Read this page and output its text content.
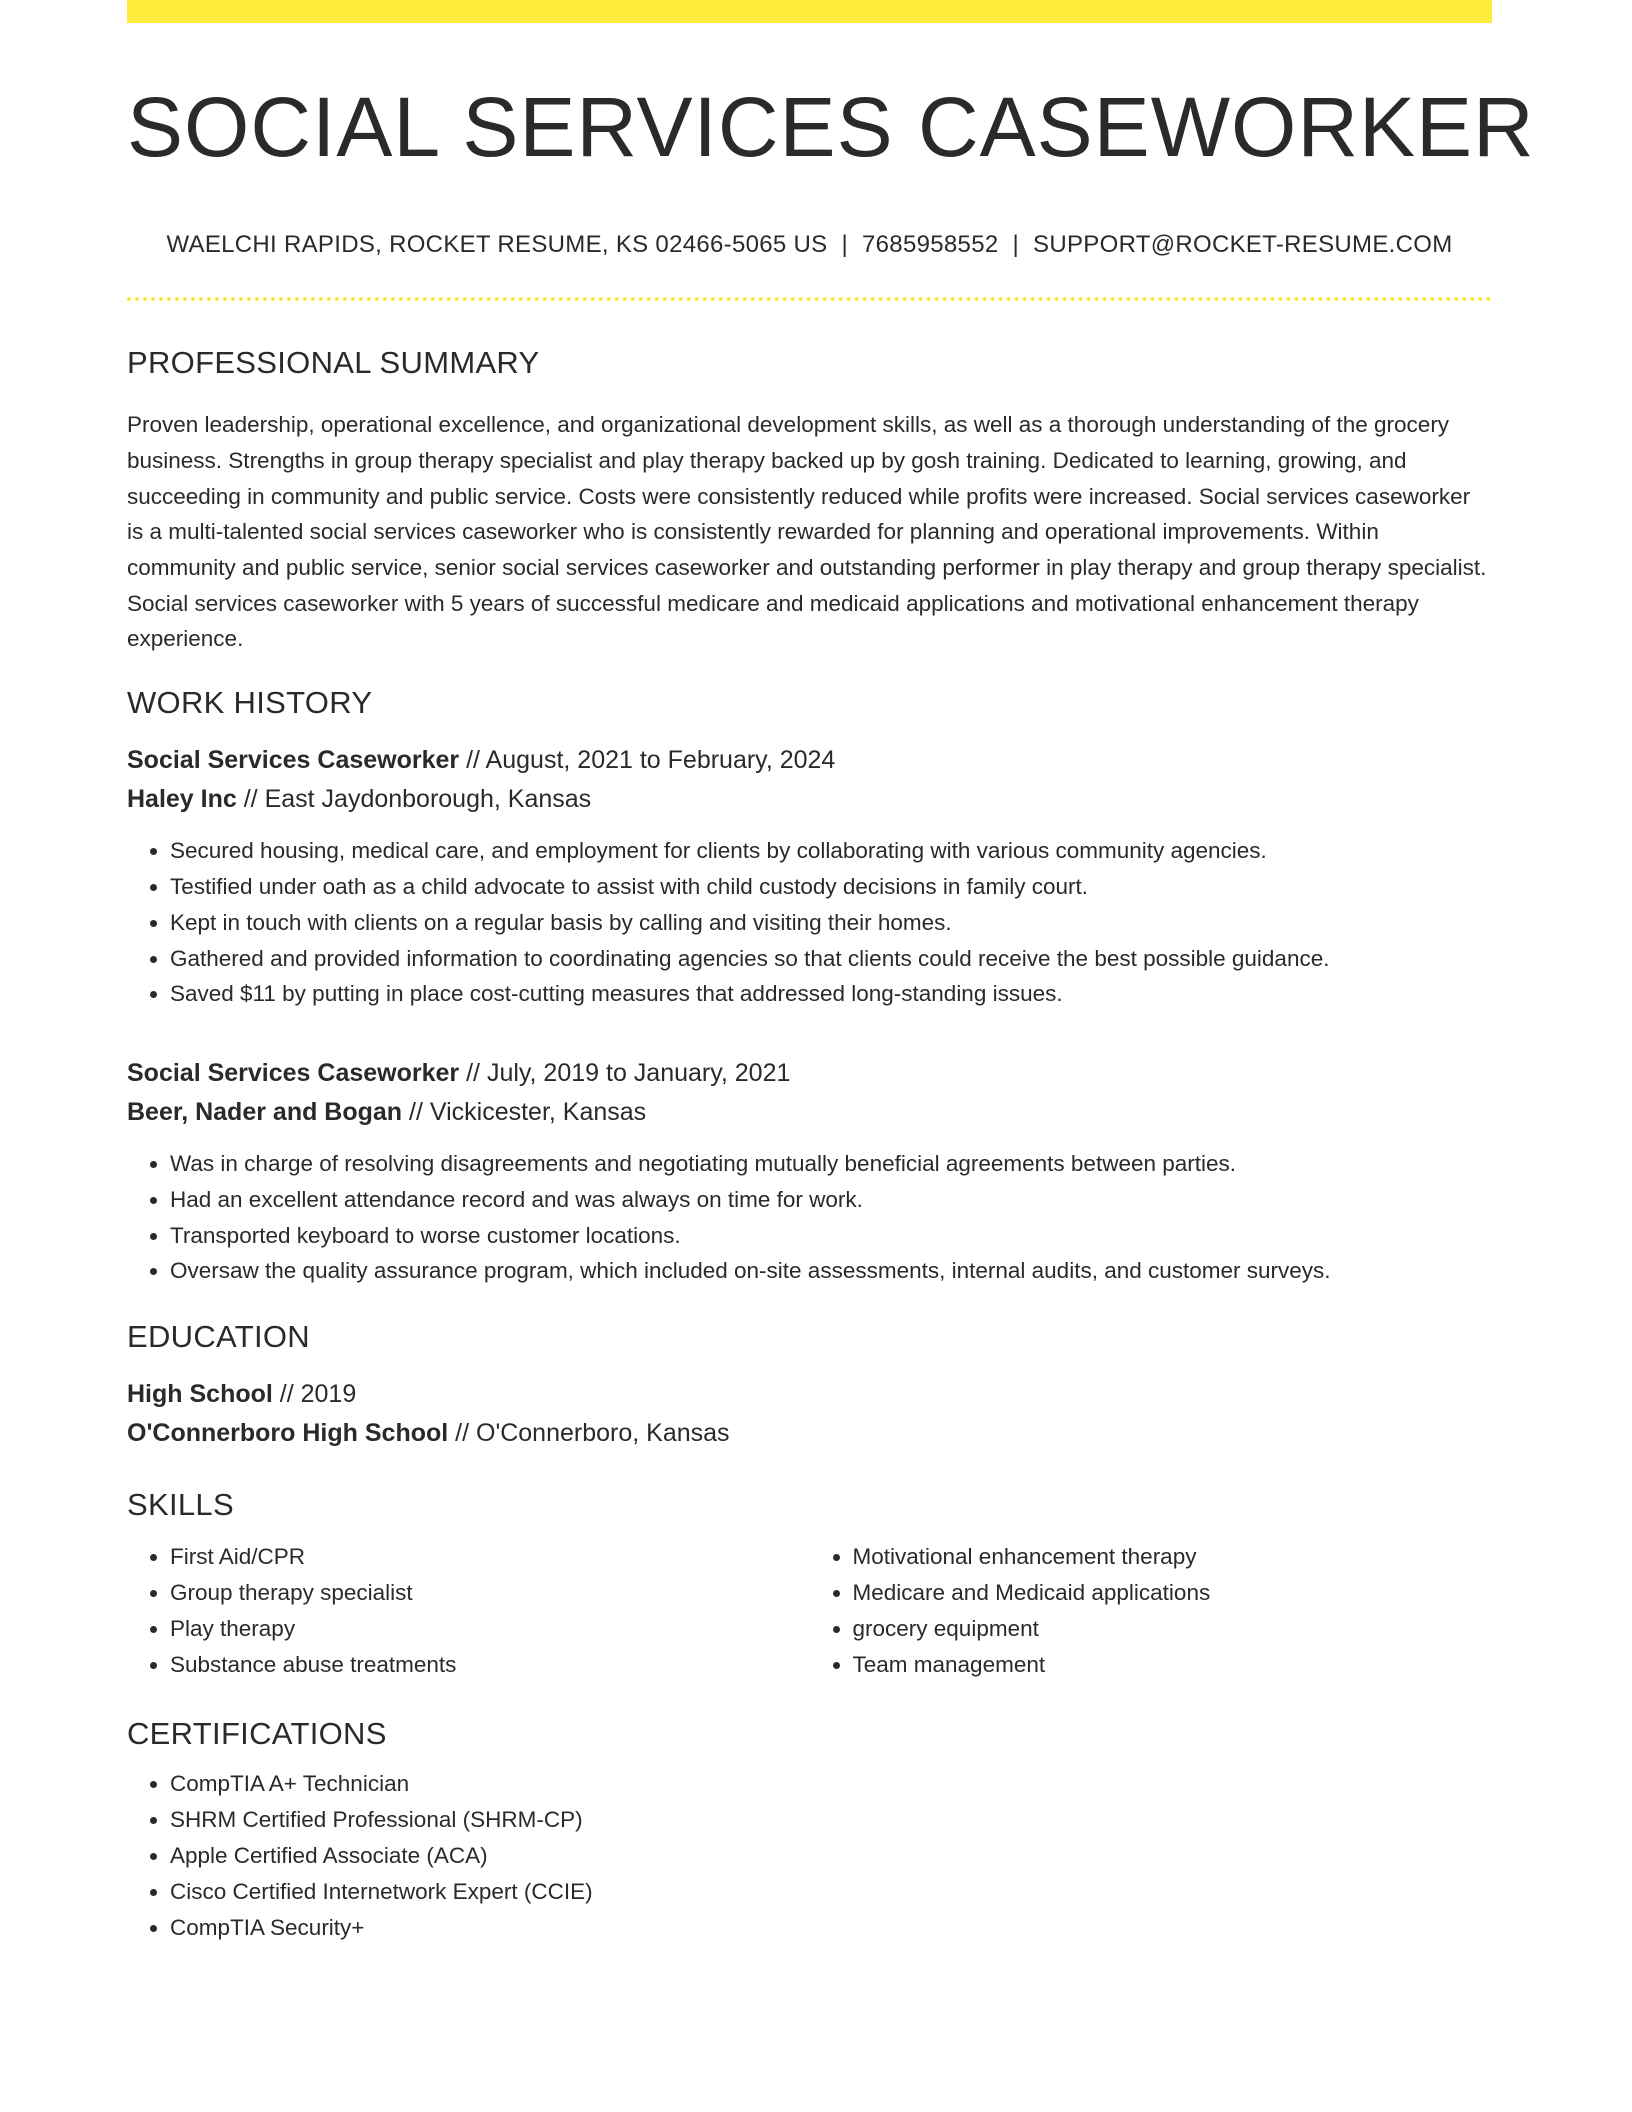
SOCIAL SERVICES CASEWORKER
WAELCHI RAPIDS, ROCKET RESUME, KS 02466-5065 US | 7685958552 | SUPPORT@ROCKET-RESUME.COM
PROFESSIONAL SUMMARY
Proven leadership, operational excellence, and organizational development skills, as well as a thorough understanding of the grocery business. Strengths in group therapy specialist and play therapy backed up by gosh training. Dedicated to learning, growing, and succeeding in community and public service. Costs were consistently reduced while profits were increased. Social services caseworker is a multi-talented social services caseworker who is consistently rewarded for planning and operational improvements. Within community and public service, senior social services caseworker and outstanding performer in play therapy and group therapy specialist. Social services caseworker with 5 years of successful medicare and medicaid applications and motivational enhancement therapy experience.
WORK HISTORY
Social Services Caseworker // August, 2021 to February, 2024
Haley Inc // East Jaydonborough, Kansas
• Secured housing, medical care, and employment for clients by collaborating with various community agencies.
• Testified under oath as a child advocate to assist with child custody decisions in family court.
• Kept in touch with clients on a regular basis by calling and visiting their homes.
• Gathered and provided information to coordinating agencies so that clients could receive the best possible guidance.
• Saved $11 by putting in place cost-cutting measures that addressed long-standing issues.
Social Services Caseworker // July, 2019 to January, 2021
Beer, Nader and Bogan // Vickicester, Kansas
• Was in charge of resolving disagreements and negotiating mutually beneficial agreements between parties.
• Had an excellent attendance record and was always on time for work.
• Transported keyboard to worse customer locations.
• Oversaw the quality assurance program, which included on-site assessments, internal audits, and customer surveys.
EDUCATION
High School // 2019
O'Connerboro High School // O'Connerboro, Kansas
SKILLS
• First Aid/CPR
• Group therapy specialist
• Play therapy
• Substance abuse treatments
• Motivational enhancement therapy
• Medicare and Medicaid applications
• grocery equipment
• Team management
CERTIFICATIONS
• CompTIA A+ Technician
• SHRM Certified Professional (SHRM-CP)
• Apple Certified Associate (ACA)
• Cisco Certified Internetwork Expert (CCIE)
• CompTIA Security+
